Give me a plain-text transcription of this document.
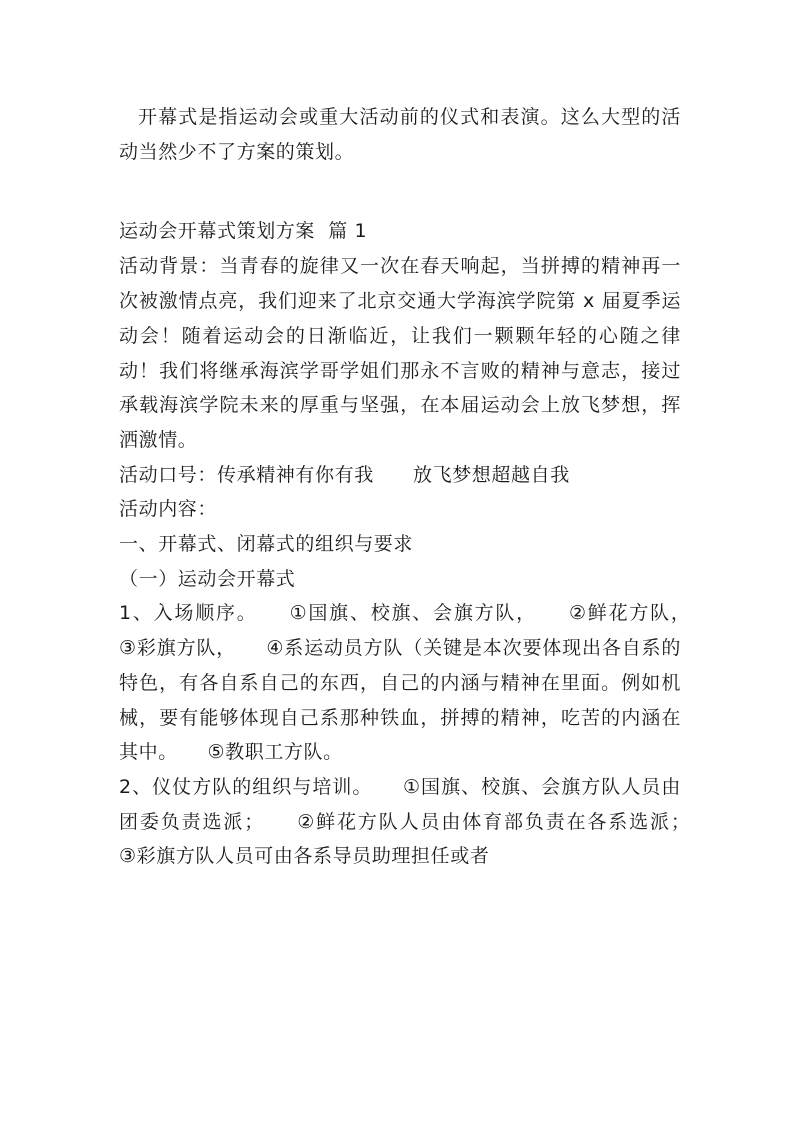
开幕式是指运动会或重大活动前的仪式和表演。这么大型的活动当然少不了方案的策划。

运动会开幕式策划方案  篇 1

活动背景：当青春的旋律又一次在春天响起，当拼搏的精神再一次被激情点亮，我们迎来了北京交通大学海滨学院第 x 届夏季运动会！随着运动会的日渐临近，让我们一颗颗年轻的心随之律动！我们将继承海滨学哥学姐们那永不言败的精神与意志，接过承载海滨学院未来的厚重与坚强，在本届运动会上放飞梦想，挥洒激情。

活动口号：传承精神有你有我　　放飞梦想超越自我

活动内容：

一、开幕式、闭幕式的组织与要求

（一）运动会开幕式

1、入场顺序。　　①国旗、校旗、会旗方队，　　②鲜花方队，　　③彩旗方队，　　④系运动员方队（关键是本次要体现出各自系的特色，有各自系自己的东西，自己的内涵与精神在里面。例如机械，要有能够体现自己系那种铁血，拼搏的精神，吃苦的内涵在其中。　　⑤教职工方队。

2、仪仗方队的组织与培训。　　①国旗、校旗、会旗方队人员由团委负责选派；　　②鲜花方队人员由体育部负责在各系选派；　　③彩旗方队人员可由各系导员助理担任或者
